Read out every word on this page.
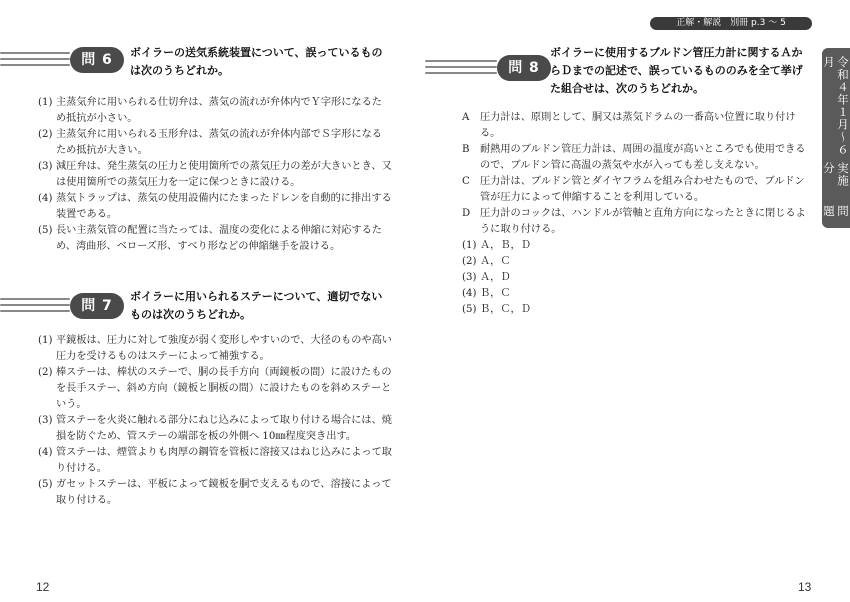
正解・解説　別冊 p.3 ～ 5
令和４年１月～６月
実施分
問題
問 6	ボイラーの送気系統装置について、誤っているものは次のうちどれか。
(1) 主蒸気弁に用いられる仕切弁は、蒸気の流れが弁体内でＹ字形になるため抵抗が小さい。
(2) 主蒸気弁に用いられる玉形弁は、蒸気の流れが弁体内部でＳ字形になるため抵抗が大きい。
(3) 減圧弁は、発生蒸気の圧力と使用箇所での蒸気圧力の差が大きいとき、又は使用箇所での蒸気圧力を一定に保つときに設ける。
(4) 蒸気トラップは、蒸気の使用設備内にたまったドレンを自動的に排出する装置である。
(5) 長い主蒸気管の配置に当たっては、温度の変化による伸縮に対応するため、湾曲形、ベローズ形、すべり形などの伸縮継手を設ける。
問 7
ボイラーに用いられるステーについて、適切でないものは次のうちどれか。
(1) 平鏡板は、圧力に対して強度が弱く変形しやすいので、大径のものや高い圧力を受けるものはステーによって補強する。
(2) 棒ステーは、棒状のステーで、胴の長手方向（両鏡板の間）に設けたものを長手ステー、斜め方向（鏡板と胴板の間）に設けたものを斜めステーという。
(3) 管ステーを火炎に触れる部分にねじ込みによって取り付ける場合には、焼損を防ぐため、管ステーの端部を板の外側へ 10㎜程度突き出す。
(4) 管ステーは、煙管よりも肉厚の鋼管を管板に溶接又はねじ込みによって取り付ける。
(5) ガセットステーは、平板によって鏡板を胴で支えるもので、溶接によって取り付ける。
問 8
ボイラーに使用するブルドン管圧力計に関するＡからＤまでの記述で、誤っているもののみを全て挙げた組合せは、次のうちどれか。
A	圧力計は、原則として、胴又は蒸気ドラムの一番高い位置に取り付ける。
B	耐熱用のブルドン管圧力計は、周囲の温度が高いところでも使用できるので、ブルドン管に高温の蒸気や水が入っても差し支えない。
C	圧力計は、ブルドン管とダイヤフラムを組み合わせたもので、ブルドン管が圧力によって伸縮することを利用している。
D 圧力計のコックは、ハンドルが管軸と直角方向になったときに閉じるように取り付ける。
(1) Ａ，Ｂ，Ｄ
(2) Ａ，Ｃ
(3) Ａ，Ｄ
(4) Ｂ，Ｃ
(5) Ｂ，Ｃ，Ｄ
12	13
